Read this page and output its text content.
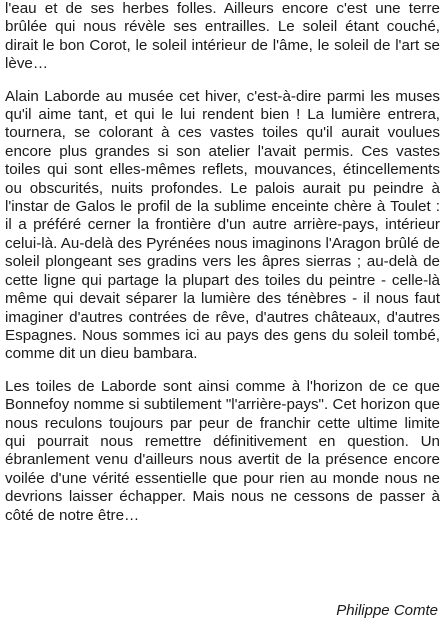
l'eau et de ses herbes folles. Ailleurs encore c'est une terre brûlée qui nous révèle ses entrailles. Le soleil étant couché, dirait le bon Corot, le soleil intérieur de l'âme, le soleil de l'art se lève…

Alain Laborde au musée cet hiver, c'est-à-dire parmi les muses qu'il aime tant, et qui le lui rendent bien ! La lumière entrera, tournera, se colorant à ces vastes toiles qu'il aurait voulues encore plus grandes si son atelier l'avait permis. Ces vastes toiles qui sont elles-mêmes reflets, mouvances, étincellements ou obscurités, nuits profondes. Le palois aurait pu peindre à l'instar de Galos le profil de la sublime enceinte chère à Toulet : il a préféré cerner la frontière d'un autre arrière-pays, intérieur celui-là. Au-delà des Pyrénées nous imaginons l'Aragon brûlé de soleil plongeant ses gradins vers les âpres sierras ; au-delà de cette ligne qui partage la plupart des toiles du peintre - celle-là même qui devait séparer la lumière des ténèbres - il nous faut imaginer d'autres contrées de rêve, d'autres châteaux, d'autres Espagnes. Nous sommes ici au pays des gens du soleil tombé, comme dit un dieu bambara.

Les toiles de Laborde sont ainsi comme à l'horizon de ce que Bonnefoy nomme si subtilement "l'arrière-pays". Cet horizon que nous reculons toujours par peur de franchir cette ultime limite qui pourrait nous remettre définitivement en question. Un ébranlement venu d'ailleurs nous avertit de la présence encore voilée d'une vérité essentielle que pour rien au monde nous ne devrions laisser échapper. Mais nous ne cessons de passer à côté de notre être…

Philippe Comte
